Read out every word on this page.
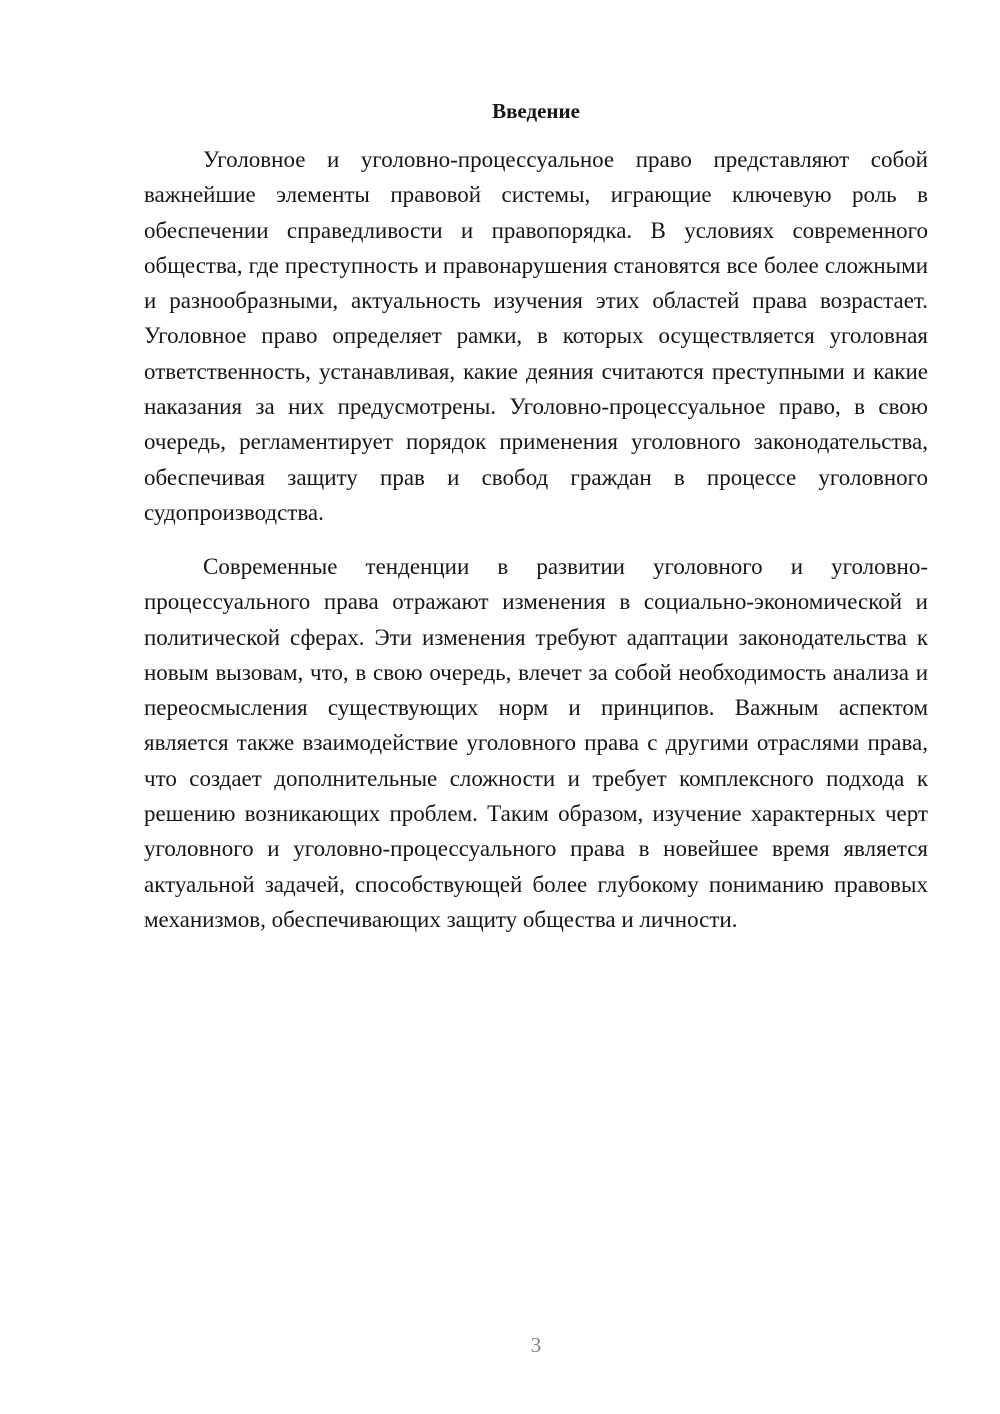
Введение

Уголовное и уголовно-процессуальное право представляют собой важнейшие элементы правовой системы, играющие ключевую роль в обеспечении справедливости и правопорядка. В условиях современного общества, где преступность и правонарушения становятся все более сложными и разнообразными, актуальность изучения этих областей права возрастает. Уголовное право определяет рамки, в которых осуществляется уголовная ответственность, устанавливая, какие деяния считаются преступными и какие наказания за них предусмотрены. Уголовно-процессуальное право, в свою очередь, регламентирует порядок применения уголовного законодательства, обеспечивая защиту прав и свобод граждан в процессе уголовного судопроизводства.

Современные тенденции в развитии уголовного и уголовно-процессуального права отражают изменения в социально-экономической и политической сферах. Эти изменения требуют адаптации законодательства к новым вызовам, что, в свою очередь, влечет за собой необходимость анализа и переосмысления существующих норм и принципов. Важным аспектом является также взаимодействие уголовного права с другими отраслями права, что создает дополнительные сложности и требует комплексного подхода к решению возникающих проблем. Таким образом, изучение характерных черт уголовного и уголовно-процессуального права в новейшее время является актуальной задачей, способствующей более глубокому пониманию правовых механизмов, обеспечивающих защиту общества и личности.

3
